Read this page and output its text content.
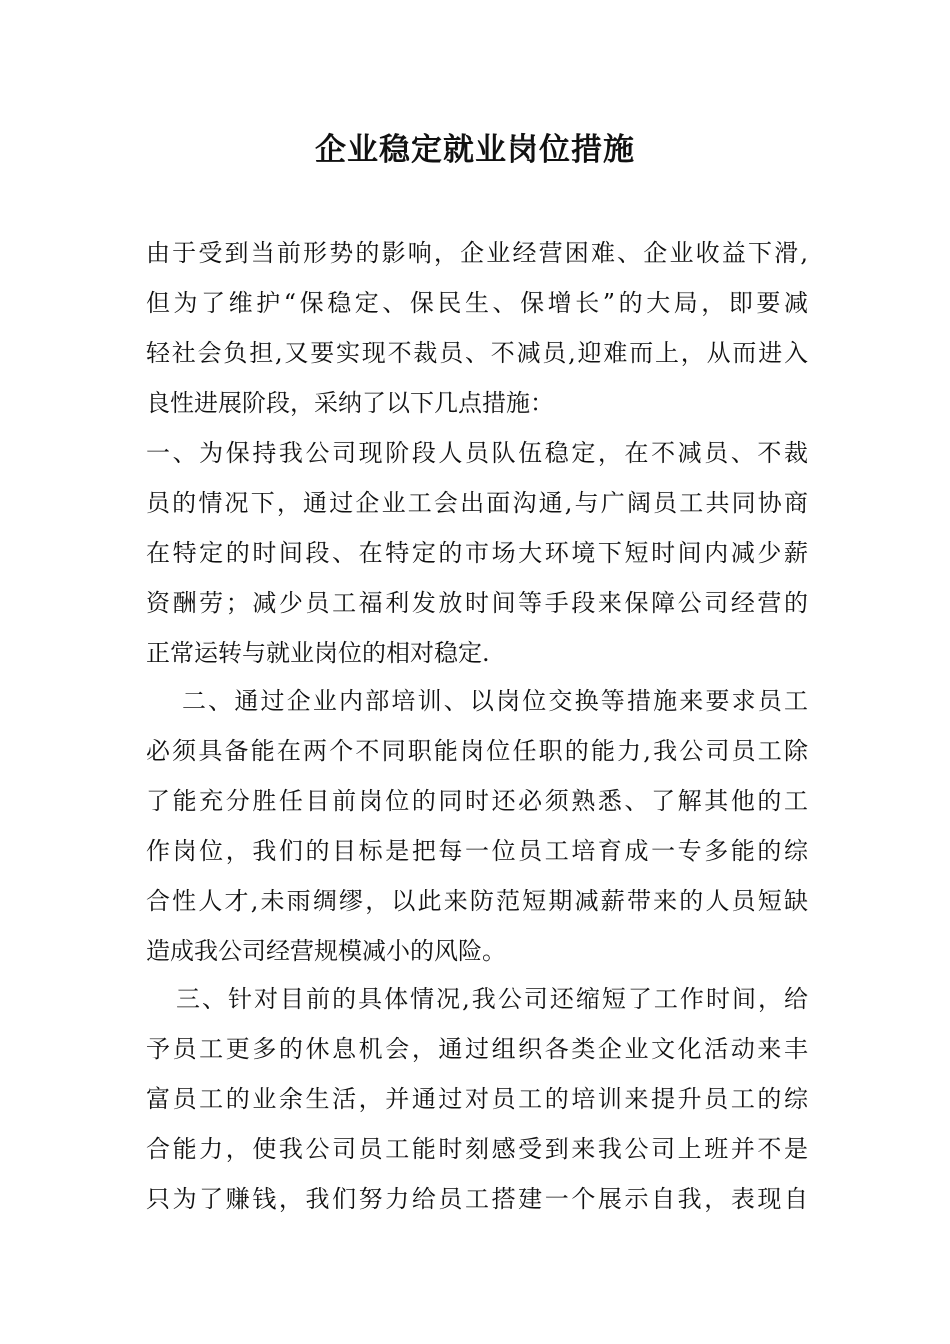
企业稳定就业岗位措施
由于受到当前形势的影响，企业经营困难、企业收益下滑,
但为了维护“保稳定、保民生、保增长”的大局，即要减
轻社会负担,又要实现不裁员、不减员,迎难而上，从而进入
良性进展阶段，采纳了以下几点措施：
一、为保持我公司现阶段人员队伍稳定，在不减员、不裁
员的情况下，通过企业工会出面沟通,与广阔员工共同协商
在特定的时间段、在特定的市场大环境下短时间内减少薪
资酬劳；减少员工福利发放时间等手段来保障公司经营的
正常运转与就业岗位的相对稳定.
二、通过企业内部培训、以岗位交换等措施来要求员工
必须具备能在两个不同职能岗位任职的能力,我公司员工除
了能充分胜任目前岗位的同时还必须熟悉、了解其他的工
作岗位，我们的目标是把每一位员工培育成一专多能的综
合性人才,未雨绸缪，以此来防范短期减薪带来的人员短缺
造成我公司经营规模减小的风险。
三、针对目前的具体情况,我公司还缩短了工作时间，给
予员工更多的休息机会，通过组织各类企业文化活动来丰
富员工的业余生活，并通过对员工的培训来提升员工的综
合能力，使我公司员工能时刻感受到来我公司上班并不是
只为了赚钱，我们努力给员工搭建一个展示自我，表现自
